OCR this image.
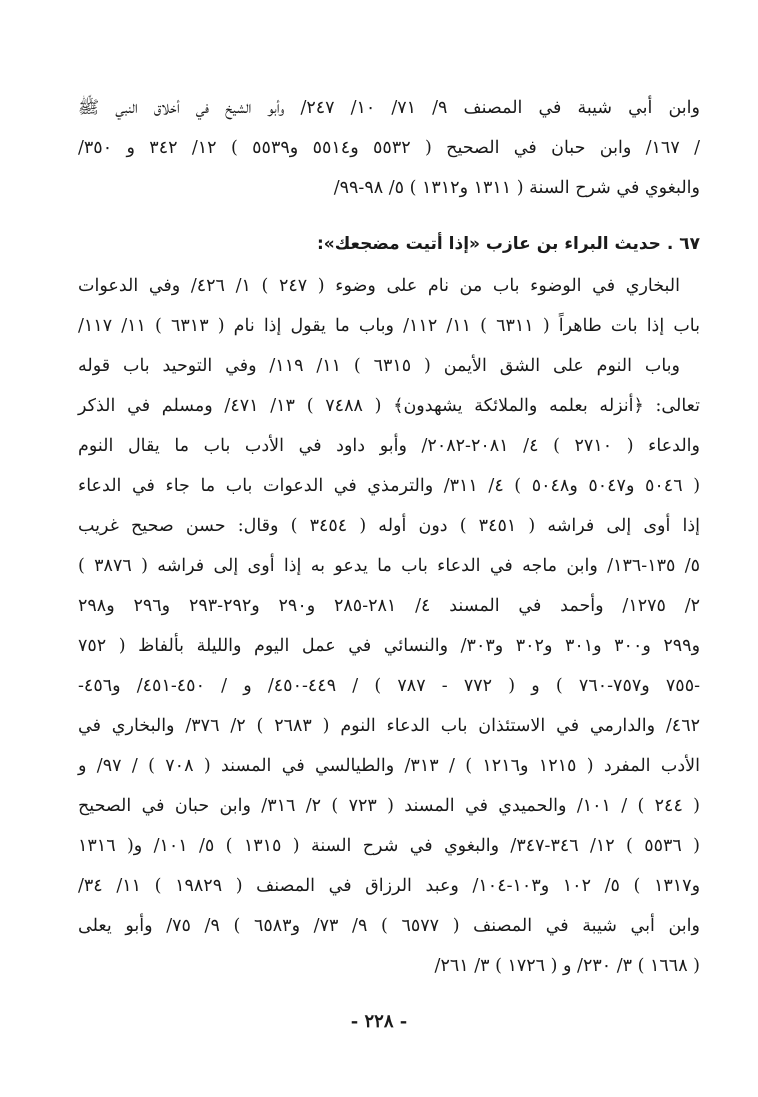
وابن أبي شيبة في المصنف ٩/ ٧١/ ١٠/ ٢٤٧/ وأبو الشيخ في أخلاق النبي ﷺ
/ ١٦٧/ وابن حبان في الصحيح ( ٥٥٣٢ و٥٥١٤ و٥٥٣٩ ) ١٢/ ٣٤٢ و ٣٥٠/
والبغوي في شرح السنة ( ١٣١١ و١٣١٢ ) ٥/ ٩٨-٩٩/
٦٧ . حديث البراء بن عازب «إذا أتيت مضجعك»:
البخاري في الوضوء باب من نام على وضوء ( ٢٤٧ ) ١/ ٤٢٦/ وفي الدعوات
باب إذا بات طاهراً ( ٦٣١١ ) ١١/ ١١٢/ وباب ما يقول إذا نام ( ٦٣١٣ ) ١١/ ١١٧/
وباب النوم على الشق الأيمن ( ٦٣١٥ ) ١١/ ١١٩/ وفي التوحيد باب قوله
تعالى: ﴿أنزله بعلمه والملائكة يشهدون﴾ ( ٧٤٨٨ ) ١٣/ ٤٧١/ ومسلم في الذكر
والدعاء ( ٢٧١٠ ) ٤/ ٢٠٨١-٢٠٨٢/ وأبو داود في الأدب باب ما يقال النوم
( ٥٠٤٦ و٥٠٤٧ و٥٠٤٨ ) ٤/ ٣١١/ والترمذي في الدعوات باب ما جاء في الدعاء
إذا أوى إلى فراشه ( ٣٤٥١ ) دون أوله ( ٣٤٥٤ ) وقال: حسن صحيح غريب
٥/ ١٣٥-١٣٦/ وابن ماجه في الدعاء باب ما يدعو به إذا أوى إلى فراشه ( ٣٨٧٦ )
٢/ ١٢٧٥/ وأحمد في المسند ٤/ ٢٨١-٢٨٥ و٢٩٠ و٢٩٢-٢٩٣ و٢٩٦ و٢٩٨
و٢٩٩ و٣٠٠ و٣٠١ و٣٠٢ و٣٠٣/ والنسائي في عمل اليوم والليلة بألفاظ ( ٧٥٢
-٧٥٥ و٧٥٧-٧٦٠ ) و ( ٧٧٢ - ٧٨٧ ) / ٤٤٩-٤٥٠/ و / ٤٥٠-٤٥١/ و٤٥٦-
٤٦٢/ والدارمي في الاستئذان باب الدعاء النوم ( ٢٦٨٣ ) ٢/ ٣٧٦/ والبخاري في
الأدب المفرد ( ١٢١٥ و١٢١٦ ) / ٣١٣/ والطيالسي في المسند ( ٧٠٨ ) / ٩٧/ و
( ٢٤٤ ) / ١٠١/ والحميدي في المسند ( ٧٢٣ ) ٢/ ٣١٦/ وابن حبان في الصحيح
( ٥٥٣٦ ) ١٢/ ٣٤٦-٣٤٧/ والبغوي في شرح السنة ( ١٣١٥ ) ٥/ ١٠١/ و( ١٣١٦
و١٣١٧ ) ٥/ ١٠٢ و١٠٣-١٠٤/ وعبد الرزاق في المصنف ( ١٩٨٢٩ ) ١١/ ٣٤/
وابن أبي شيبة في المصنف ( ٦٥٧٧ ) ٩/ ٧٣/ و٦٥٨٣ ) ٩/ ٧٥/ وأبو يعلى
( ١٦٦٨ ) ٣/ ٢٣٠/ و ( ١٧٢٦ ) ٣/ ٢٦١/
- ٢٢٨ -
